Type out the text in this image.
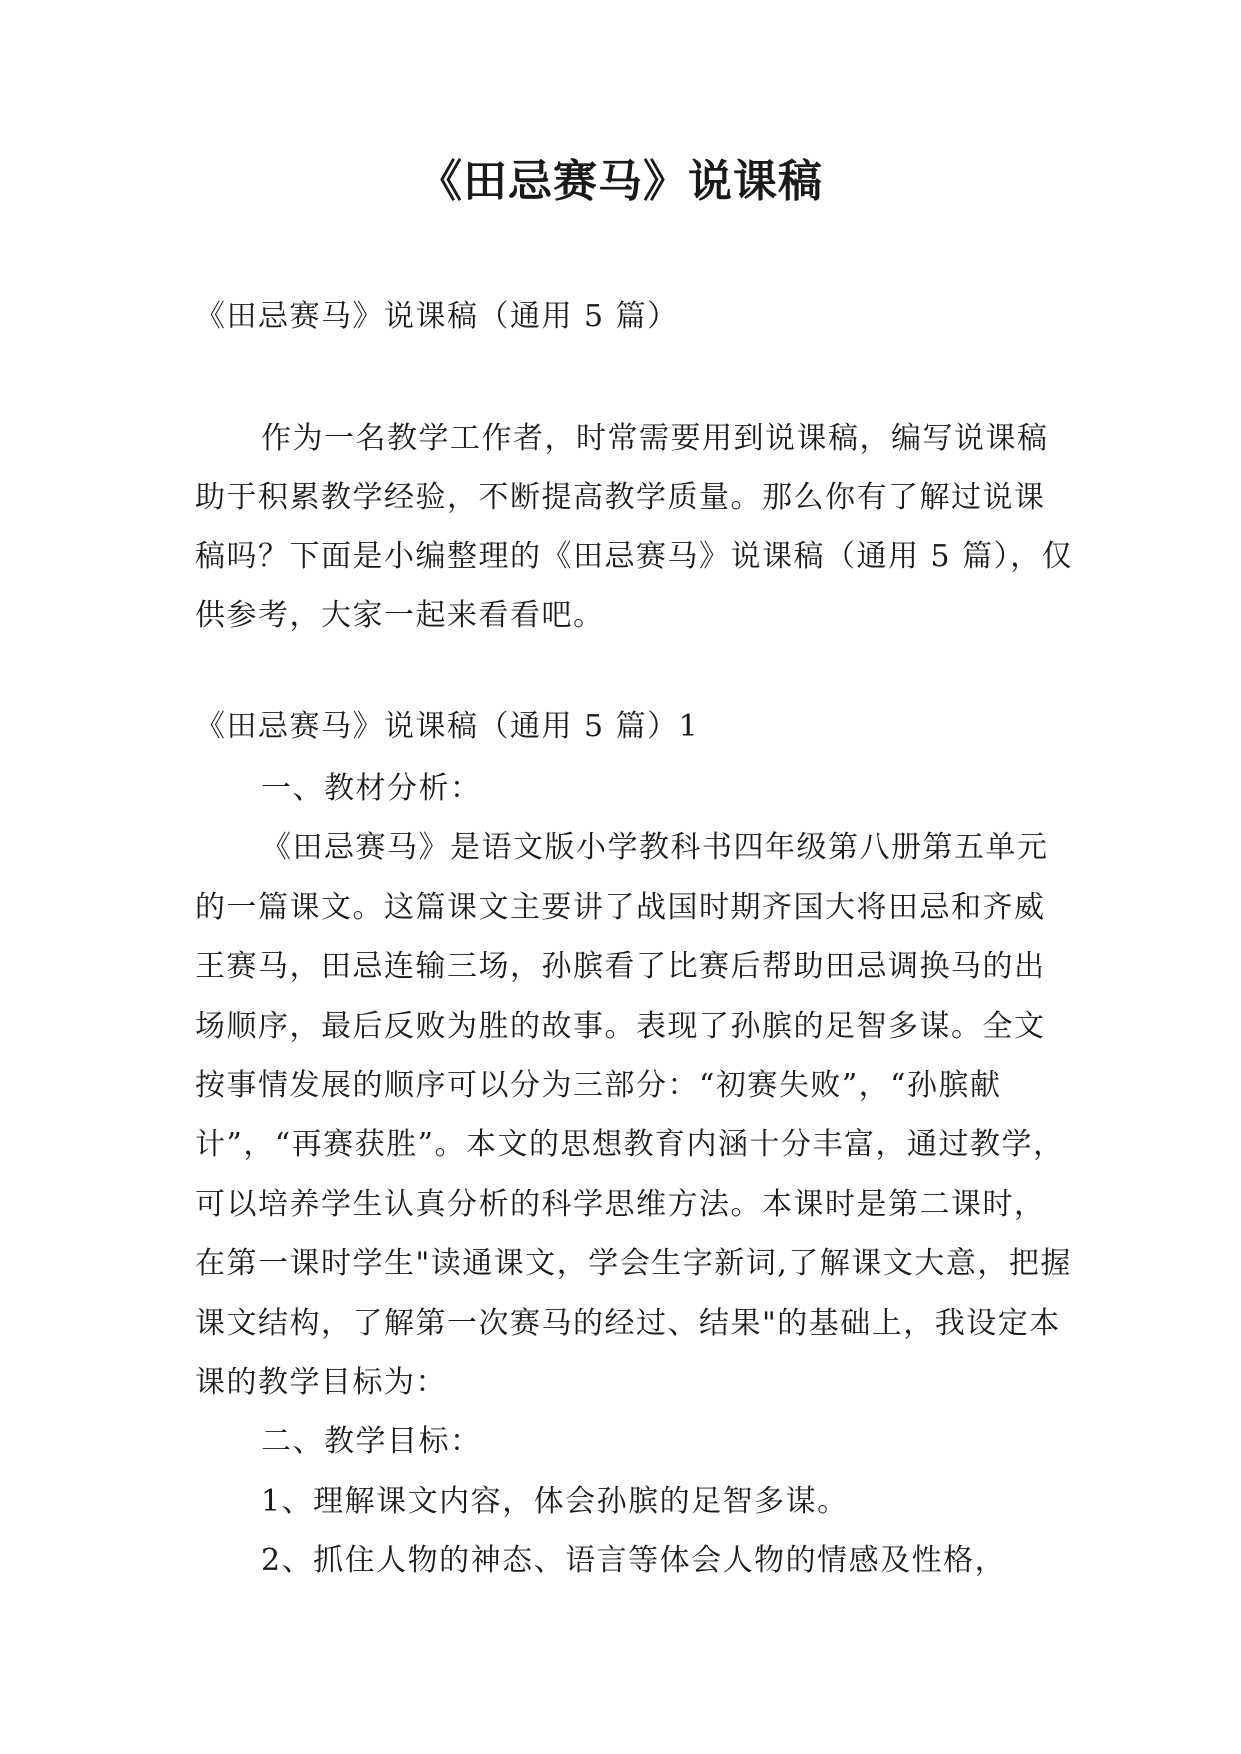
《田忌赛马》说课稿
《田忌赛马》说课稿（通用 5 篇）
作为一名教学工作者，时常需要用到说课稿，编写说课稿助于积累教学经验，不断提高教学质量。那么你有了解过说课稿吗？下面是小编整理的《田忌赛马》说课稿（通用 5 篇），仅供参考，大家一起来看看吧。
《田忌赛马》说课稿（通用 5 篇）1

一、教材分析：

《田忌赛马》是语文版小学教科书四年级第八册第五单元的一篇课文。这篇课文主要讲了战国时期齐国大将田忌和齐威王赛马，田忌连输三场，孙膑看了比赛后帮助田忌调换马的出场顺序，最后反败为胜的故事。表现了孙膑的足智多谋。全文按事情发展的顺序可以分为三部分：“初赛失败”，“孙膑献计”，“再赛获胜”。本文的思想教育内涵十分丰富，通过教学，可以培养学生认真分析的科学思维方法。本课时是第二课时，在第一课时学生"读通课文，学会生字新词,了解课文大意，把握课文结构，了解第一次赛马的经过、结果"的基础上，我设定本课的教学目标为：

二、教学目标：

1、理解课文内容，体会孙膑的足智多谋。

2、抓住人物的神态、语言等体会人物的情感及性格，
